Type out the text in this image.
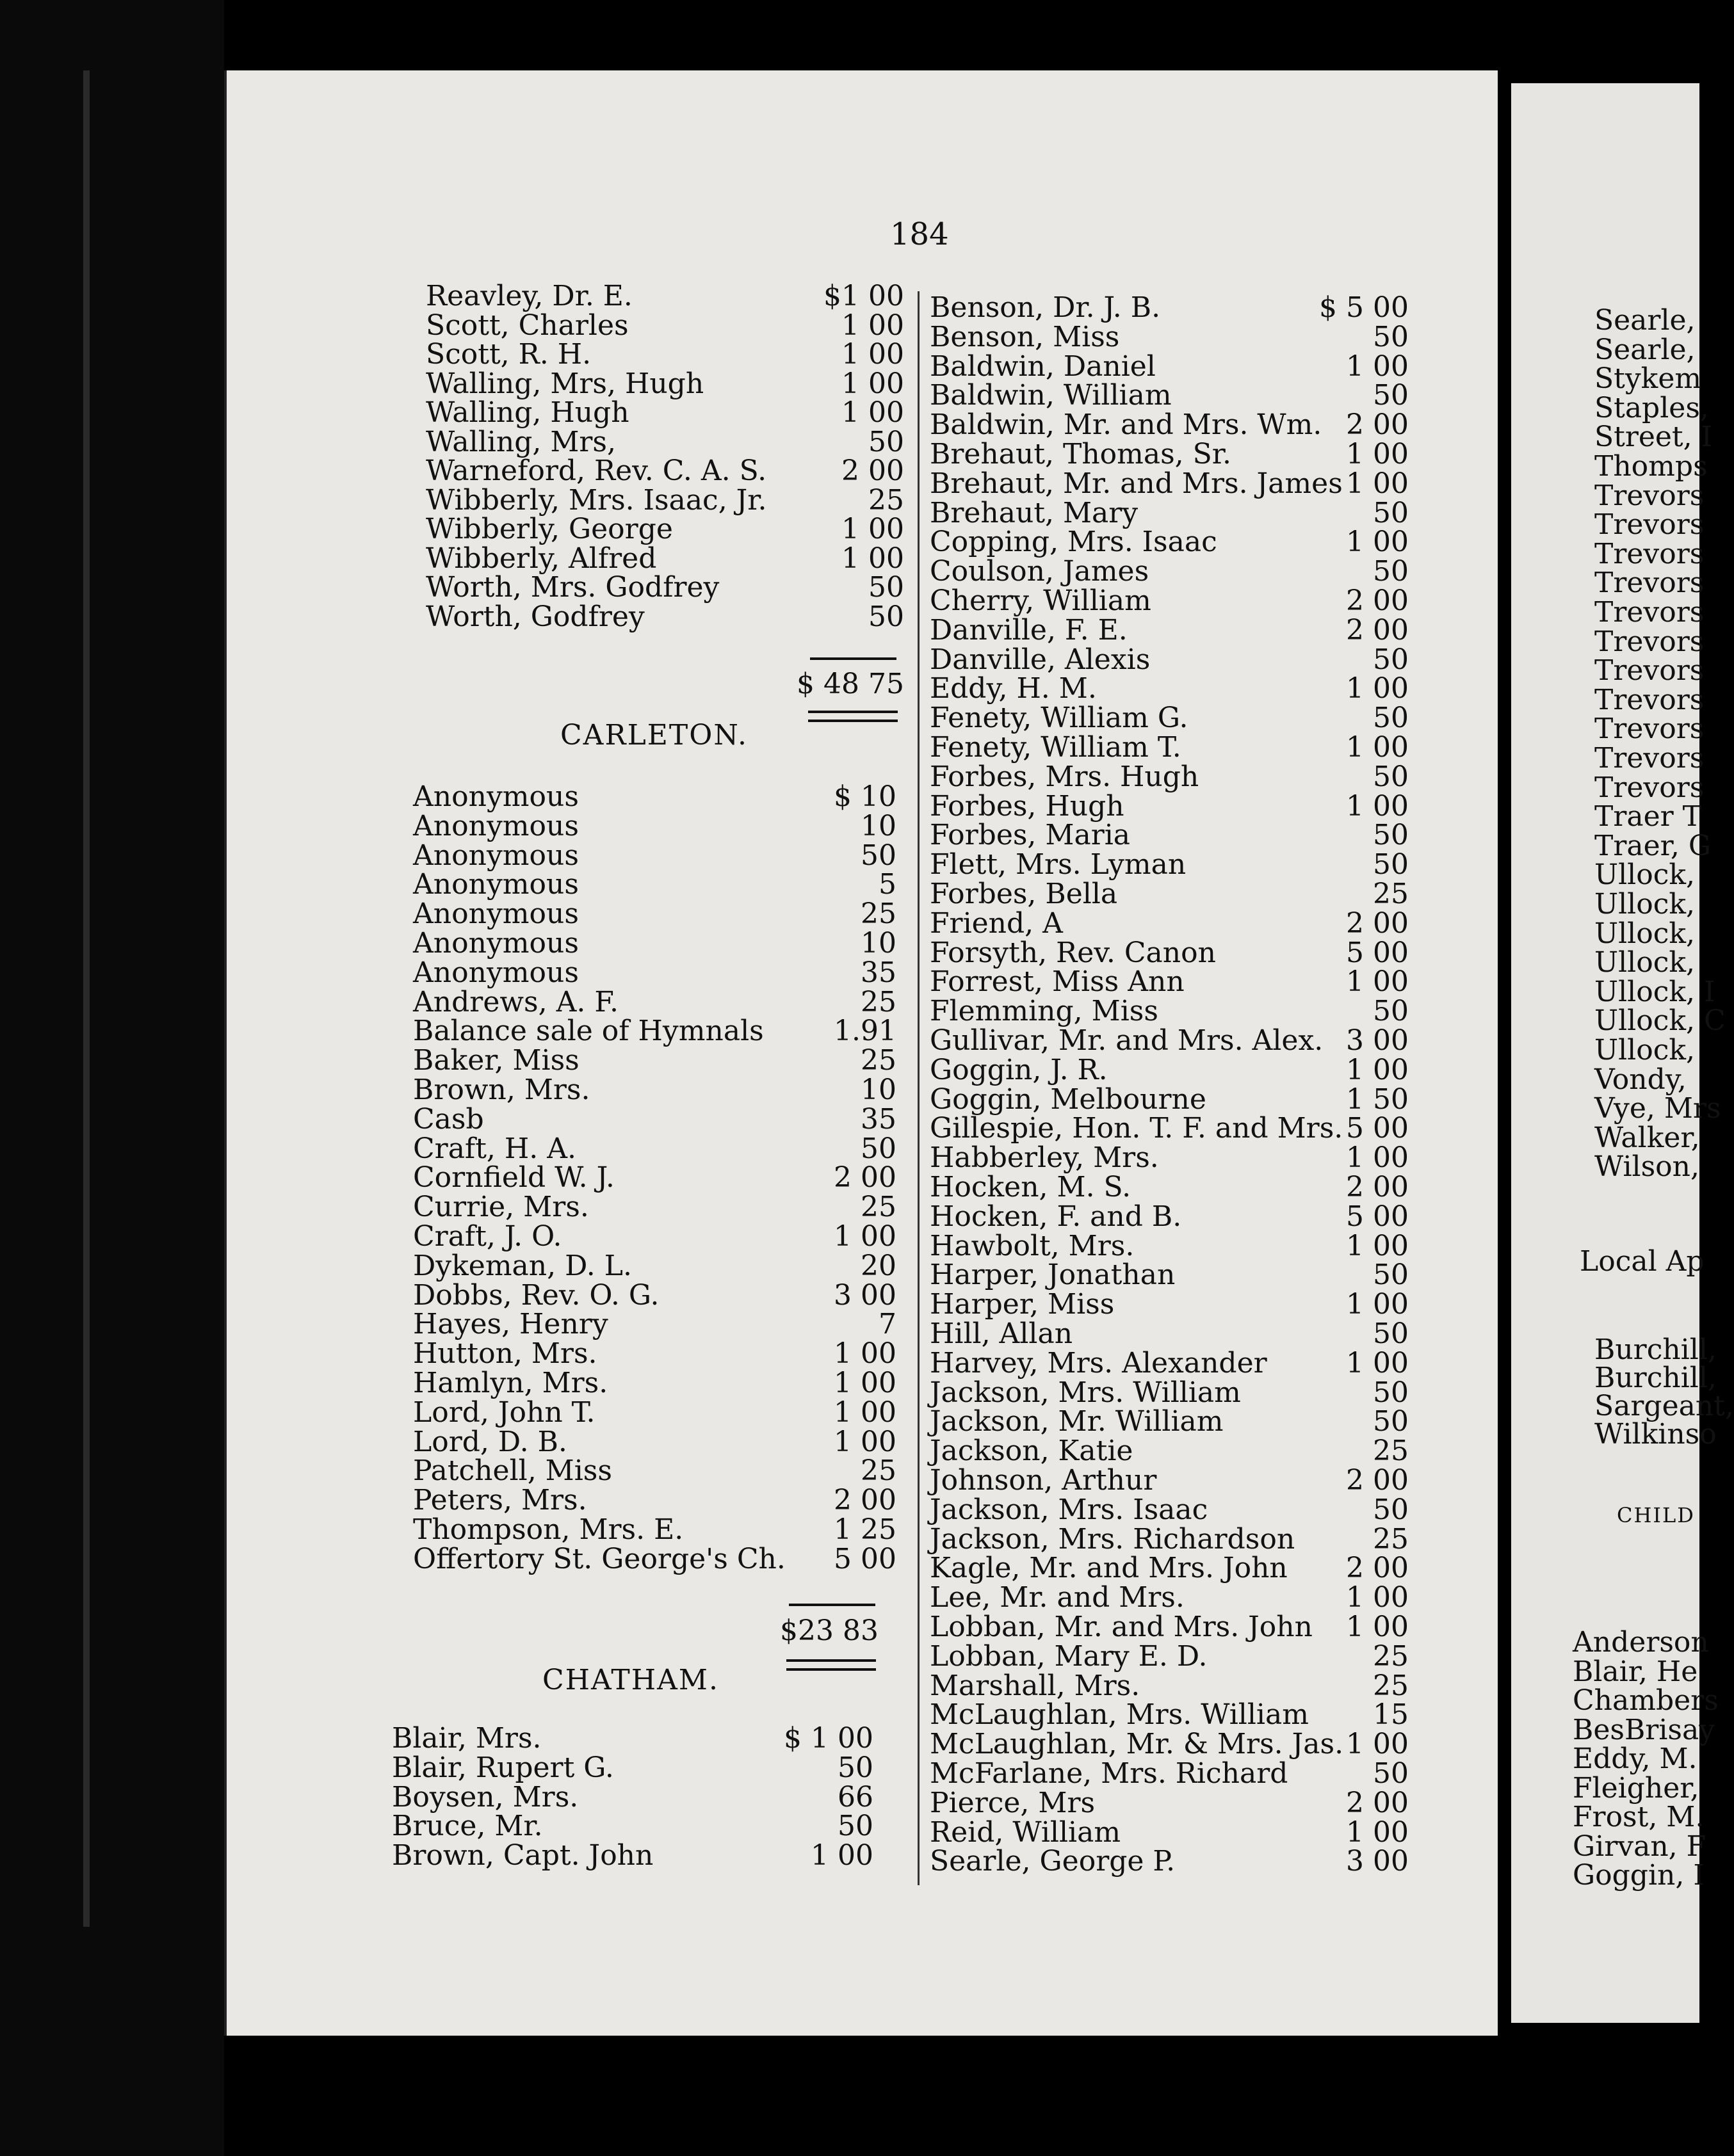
184
Reavley, Dr. E.	$1 00
Scott, Charles	1 00
Scott, R. H.	1 00
Walling, Mrs, Hugh	1 00
Walling, Hugh	1 00
Walling, Mrs,	50
Warneford, Rev. C. A. S.	2 00
Wibberly, Mrs. Isaac, Jr.	25
Wibberly, George	1 00
Wibberly, Alfred	1 00
Worth, Mrs. Godfrey	50
Worth, Godfrey	50
$ 48 75
CARLETON.
Anonymous	$ 10
Anonymous	10
Anonymous	50
Anonymous	5
Anonymous	25
Anonymous	10
Anonymous	35
Andrews, A. F.	25
Balance sale of Hymnals 1.91
Baker, Miss	25
Brown, Mrs.	10
Casb	35
Craft, H. A.	50
Cornfield W. J.	2 00
Currie, Mrs.	25
Craft, J. O.	1 00
Dykeman, D. L.	20
Dobbs, Rev. O. G.	3 00
Hayes, Henry	7
Hutton, Mrs.	1 00
Hamlyn, Mrs.	1 00
Lord, John T.	1 00
Lord, D. B.	1 00
Patchell, Miss	25
Peters, Mrs.	2 00
Thompson, Mrs. E.	1 25
Offertory St. George's Ch. 5 00
$23 83
CHATHAM.
Blair, Mrs.	$ 1 00
Blair, Rupert G.	50
Boysen, Mrs.	66
Bruce, Mr.	50
Brown, Capt. John	1 00
Benson, Dr. J. B.	$ 5 00
Benson, Miss	50
Baldwin, Daniel	1 00
Baldwin, William	50
Baldwin, Mr. and Mrs. Wm. 2 00
Brehaut, Thomas, Sr.	1 00
Brehaut, Mr. and Mrs. James 1 00
Brehaut, Mary	50
Copping, Mrs. Isaac	1 00
Coulson, James	50
Cherry, William	2 00
Danville, F. E.	2 00
Danville, Alexis	50
Eddy, H. M.	1 00
Fenety, William G.	50
Fenety, William T.	1 00
Forbes, Mrs. Hugh	50
Forbes, Hugh	1 00
Forbes, Maria	50
Flett, Mrs. Lyman	50
Forbes, Bella	25
Friend, A	2 00
Forsyth, Rev. Canon	5 00
Forrest, Miss Ann	1 00
Flemming, Miss	50
Gullivar, Mr. and Mrs. Alex. 3 00
Goggin, J. R.	1 00
Goggin, Melbourne	1 50
Gillespie, Hon. T. F. and Mrs. 5 00
Habberley, Mrs.	1 00
Hocken, M. S.	2 00
Hocken, F. and B.	5 00
Hawbolt, Mrs.	1 00
Harper, Jonathan	50
Harper, Miss	1 00
Hill, Allan	50
Harvey, Mrs. Alexander	1 00
Jackson, Mrs. William	50
Jackson, Mr. William	50
Jackson, Katie	25
Johnson, Arthur	2 00
Jackson, Mrs. Isaac	50
Jackson, Mrs. Richardson	25
Kagle, Mr. and Mrs. John 2 00
Lee, Mr. and Mrs.	1 00
Lobban, Mr. and Mrs. John 1 00
Lobban, Mary E. D.	25
Marshall, Mrs.	25
McLaughlan, Mrs. William 15
McLaughlan, Mr. & Mrs. Jas. 1 00
McFarlane, Mrs. Richard	50
Pierce, Mrs	2 00
Reid, William	1 00
Searle, George P.	3 00
Searle,
Searle,
Stykem
Staples,
Street, I
Thomps
Trevors
Trevors
Trevors
Trevors
Trevors
Trevors
Trevors
Trevors
Trevors
Trevors
Trevors
Traer T
Traer, G
Ullock,
Ullock,
Ullock,
Ullock,
Ullock, I
Ullock, C
Ullock,
Vondy,
Vye, Mrs
Walker,
Wilson,
Local Ap
Burchill,
Burchill,
Sargeant,
Wilkinso
CHILD
Anderson
Blair, He
Chambers
BesBrisay
Eddy, M.
Fleigher,
Frost, M.
Girvan, F
Goggin, I
